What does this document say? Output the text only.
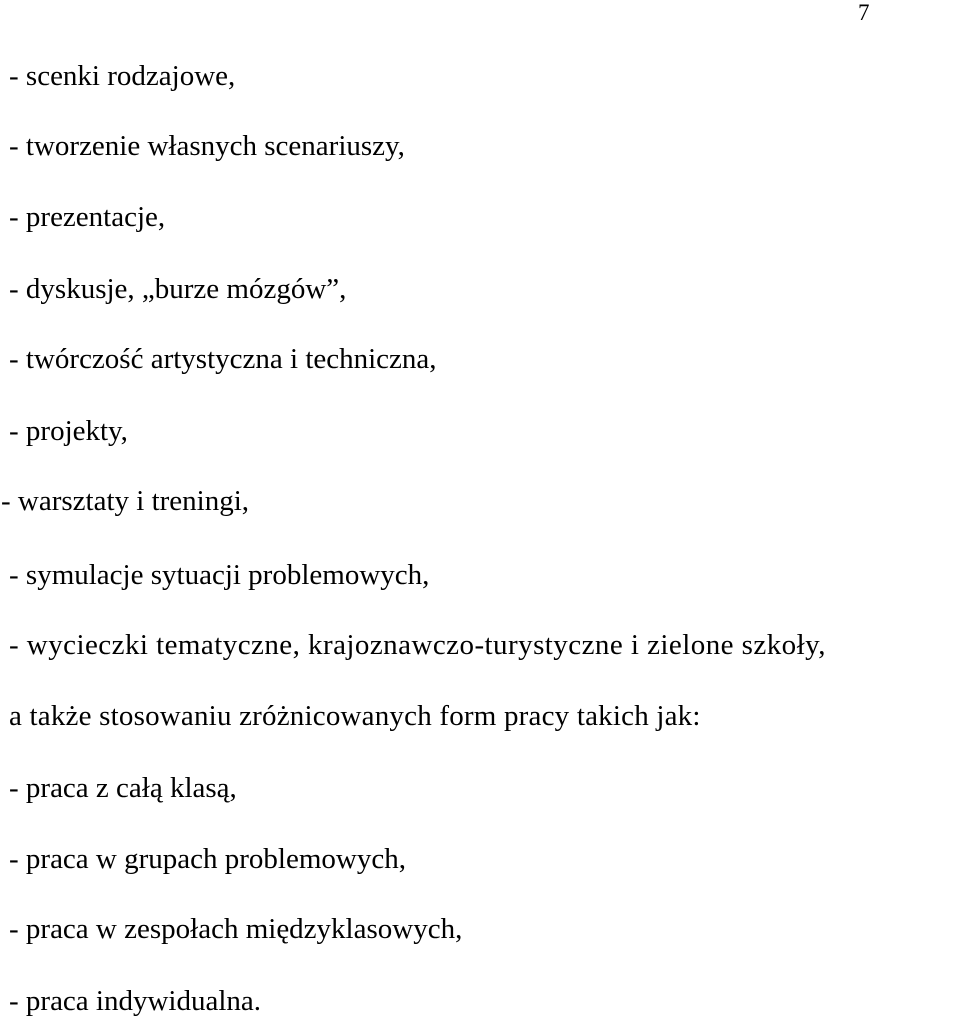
7
- scenki rodzajowe,
- tworzenie własnych scenariuszy,
- prezentacje,
- dyskusje, „burze mózgów”,
- twórczość artystyczna i techniczna,
- projekty,
- warsztaty i treningi,
- symulacje sytuacji problemowych,
- wycieczki tematyczne, krajoznawczo-turystyczne i zielone szkoły,
a także stosowaniu zróżnicowanych form pracy takich jak:
- praca z całą klasą,
- praca w grupach problemowych,
- praca w zespołach międzyklasowych,
- praca indywidualna.
